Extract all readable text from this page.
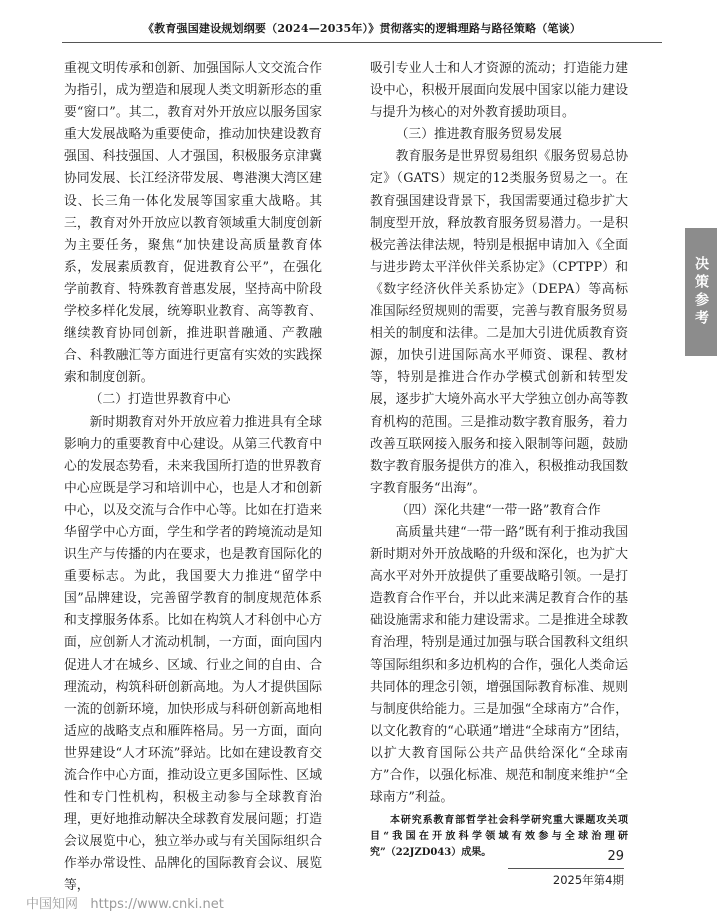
《教育强国建设规划纲要（2024—2035年）》贯彻落实的逻辑理路与路径策略（笔谈）

重视文明传承和创新、加强国际人文交流合作为指引，成为塑造和展现人类文明新形态的重要“窗口”。其二，教育对外开放应以服务国家重大发展战略为重要使命，推动加快建设教育强国、科技强国、人才强国，积极服务京津冀协同发展、长江经济带发展、粤港澳大湾区建设、长三角一体化发展等国家重大战略。其三，教育对外开放应以教育领域重大制度创新为主要任务，聚焦“加快建设高质量教育体系，发展素质教育，促进教育公平”，在强化学前教育、特殊教育普惠发展，坚持高中阶段学校多样化发展，统筹职业教育、高等教育、继续教育协同创新，推进职普融通、产教融合、科教融汇等方面进行更富有实效的实践探索和制度创新。

（二）打造世界教育中心

新时期教育对外开放应着力推进具有全球影响力的重要教育中心建设。从第三代教育中心的发展态势看，未来我国所打造的世界教育中心应既是学习和培训中心，也是人才和创新中心，以及交流与合作中心等。比如在打造来华留学中心方面，学生和学者的跨境流动是知识生产与传播的内在要求，也是教育国际化的重要标志。为此，我国要大力推进“留学中国”品牌建设，完善留学教育的制度规范体系和支撑服务体系。比如在构筑人才科创中心方面，应创新人才流动机制，一方面，面向国内促进人才在城乡、区域、行业之间的自由、合理流动，构筑科研创新高地。为人才提供国际一流的创新环境，加快形成与科研创新高地相适应的战略支点和雁阵格局。另一方面，面向世界建设“人才环流”驿站。比如在建设教育交流合作中心方面，推动设立更多国际性、区域性和专门性机构，积极主动参与全球教育治理，更好地推动解决全球教育发展问题；打造会议展览中心，独立举办或与有关国际组织合作举办常设性、品牌化的国际教育会议、展览等，

吸引专业人士和人才资源的流动；打造能力建设中心，积极开展面向发展中国家以能力建设与提升为核心的对外教育援助项目。

（三）推进教育服务贸易发展

教育服务是世界贸易组织《服务贸易总协定》（GATS）规定的12类服务贸易之一。在教育强国建设背景下，我国需要通过稳步扩大制度型开放，释放教育服务贸易潜力。一是积极完善法律法规，特别是根据申请加入《全面与进步跨太平洋伙伴关系协定》（CPTPP）和《数字经济伙伴关系协定》（DEPA）等高标准国际经贸规则的需要，完善与教育服务贸易相关的制度和法律。二是加大引进优质教育资源，加快引进国际高水平师资、课程、教材等，特别是推进合作办学模式创新和转型发展，逐步扩大境外高水平大学独立创办高等教育机构的范围。三是推动数字教育服务，着力改善互联网接入服务和接入限制等问题，鼓励数字教育服务提供方的准入，积极推动我国数字教育服务“出海”。

（四）深化共建“一带一路”教育合作

高质量共建“一带一路”既有利于推动我国新时期对外开放战略的升级和深化，也为扩大高水平对外开放提供了重要战略引领。一是打造教育合作平台，并以此来满足教育合作的基础设施需求和能力建设需求。二是推进全球教育治理，特别是通过加强与联合国教科文组织等国际组织和多边机构的合作，强化人类命运共同体的理念引领，增强国际教育标准、规则与制度供给能力。三是加强“全球南方”合作，以文化教育的“心联通”增进“全球南方”团结，以扩大教育国际公共产品供给深化“全球南方”合作，以强化标准、规范和制度来维护“全球南方”利益。

本研究系教育部哲学社会科学研究重大课题攻关项目“我国在开放科学领域有效参与全球治理研究”（22JZD043）成果。

决策参考
29
2025年第4期
中国知网   https://www.cnki.net
